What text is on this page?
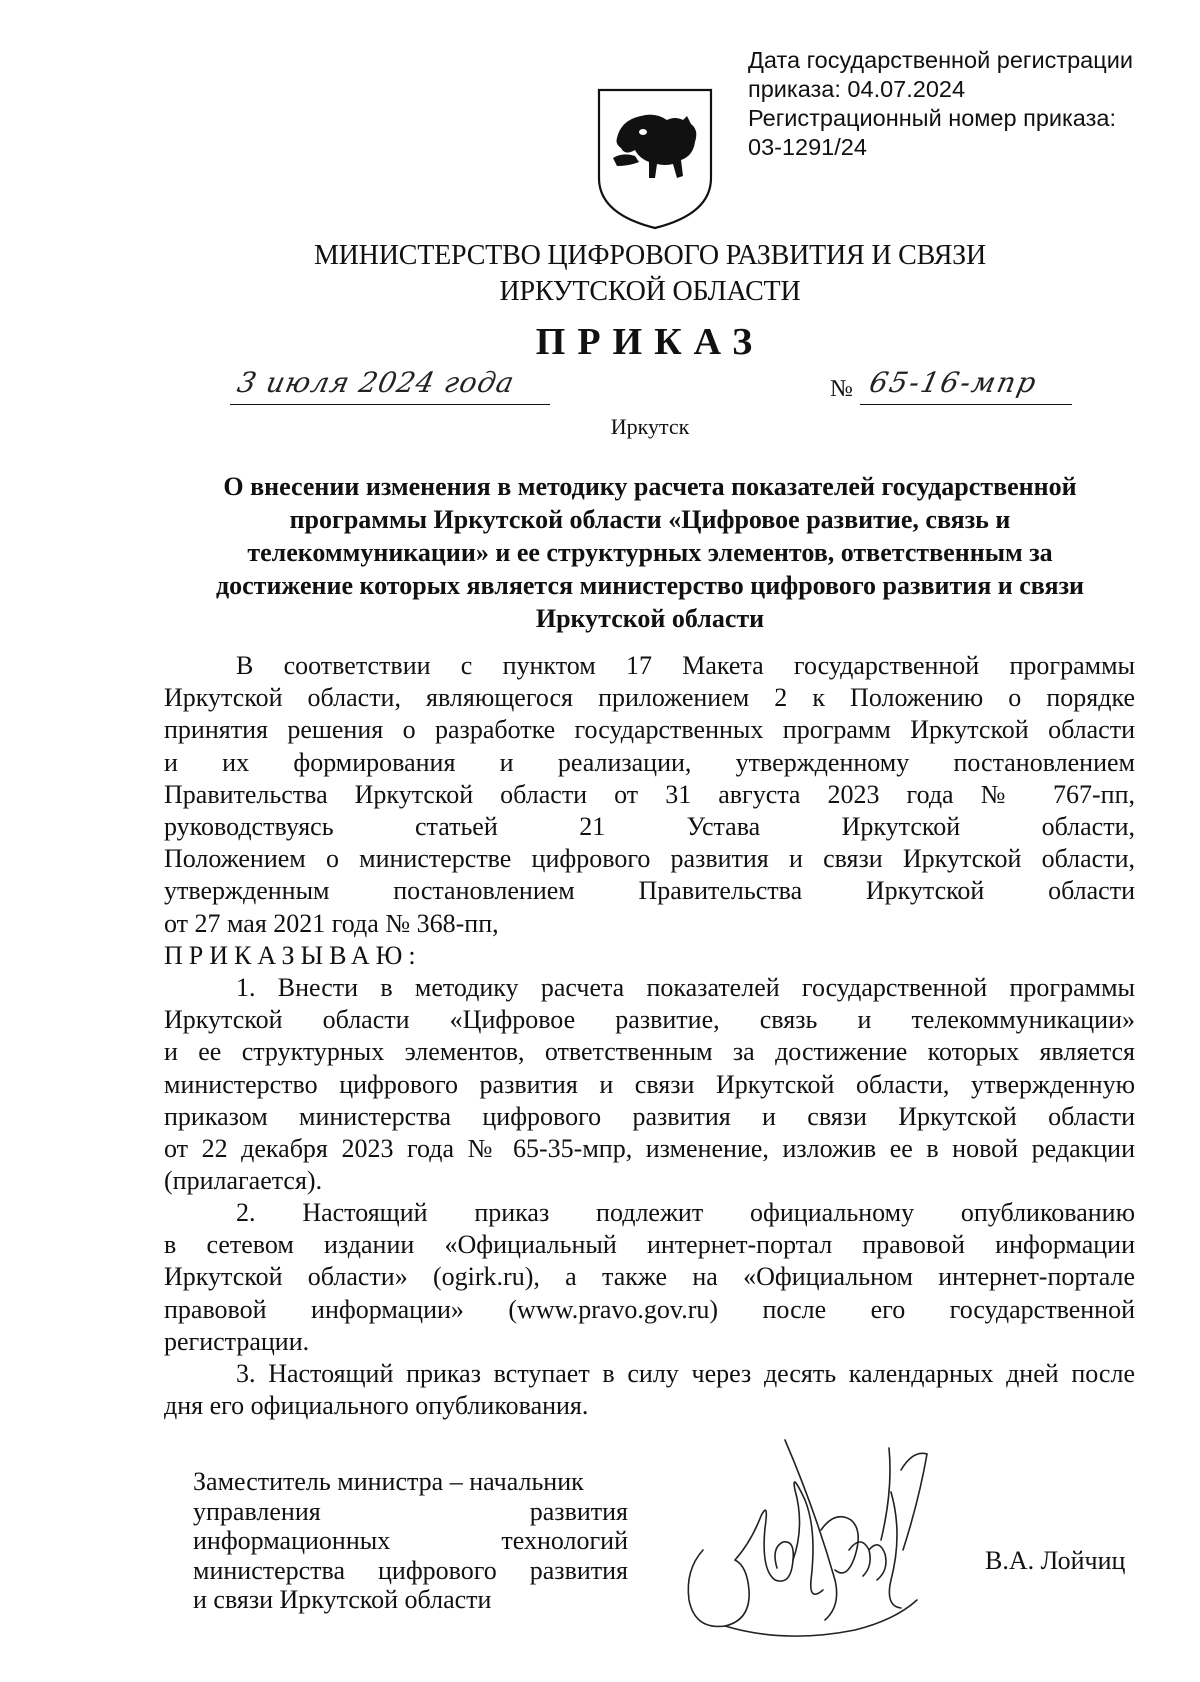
Дата государственной регистрации
приказа: 04.07.2024
Регистрационный номер приказа:
03-1291/24
МИНИСТЕРСТВО ЦИФРОВОГО РАЗВИТИЯ И СВЯЗИ
ИРКУТСКОЙ ОБЛАСТИ
ПРИКАЗ
3 июля 2024 года	№ 65-16-мпр
Иркутск
О внесении изменения в методику расчета показателей государственной
программы Иркутской области «Цифровое развитие, связь и
телекоммуникации» и ее структурных элементов, ответственным за
достижение которых является министерство цифрового развития и связи
Иркутской области
В соответствии с пунктом 17 Макета государственной программы
Иркутской области, являющегося приложением 2 к Положению о порядке
принятия решения о разработке государственных программ Иркутской области
и их формирования и реализации, утвержденному постановлением
Правительства Иркутской области от 31 августа 2023 года № 767-пп,
руководствуясь статьей 21 Устава Иркутской области,
Положением о министерстве цифрового развития и связи Иркутской области,
утвержденным постановлением Правительства Иркутской области
от 27 мая 2021 года № 368-пп,
ПРИКАЗЫВАЮ:
1. Внести в методику расчета показателей государственной программы
Иркутской области «Цифровое развитие, связь и телекоммуникации»
и ее структурных элементов, ответственным за достижение которых является
министерство цифрового развития и связи Иркутской области, утвержденную
приказом министерства цифрового развития и связи Иркутской области
от 22 декабря 2023 года № 65-35-мпр, изменение, изложив ее в новой редакции
(прилагается).
2. Настоящий приказ подлежит официальному опубликованию
в сетевом издании «Официальный интернет-портал правовой информации
Иркутской области» (ogirk.ru), а также на «Официальном интернет-портале
правовой информации» (www.pravo.gov.ru) после его государственной
регистрации.
3. Настоящий приказ вступает в силу через десять календарных дней после
дня его официального опубликования.
Заместитель министра – начальник
управления развития
информационных технологий
министерства цифрового развития
и связи Иркутской области
В.А. Лойчиц
